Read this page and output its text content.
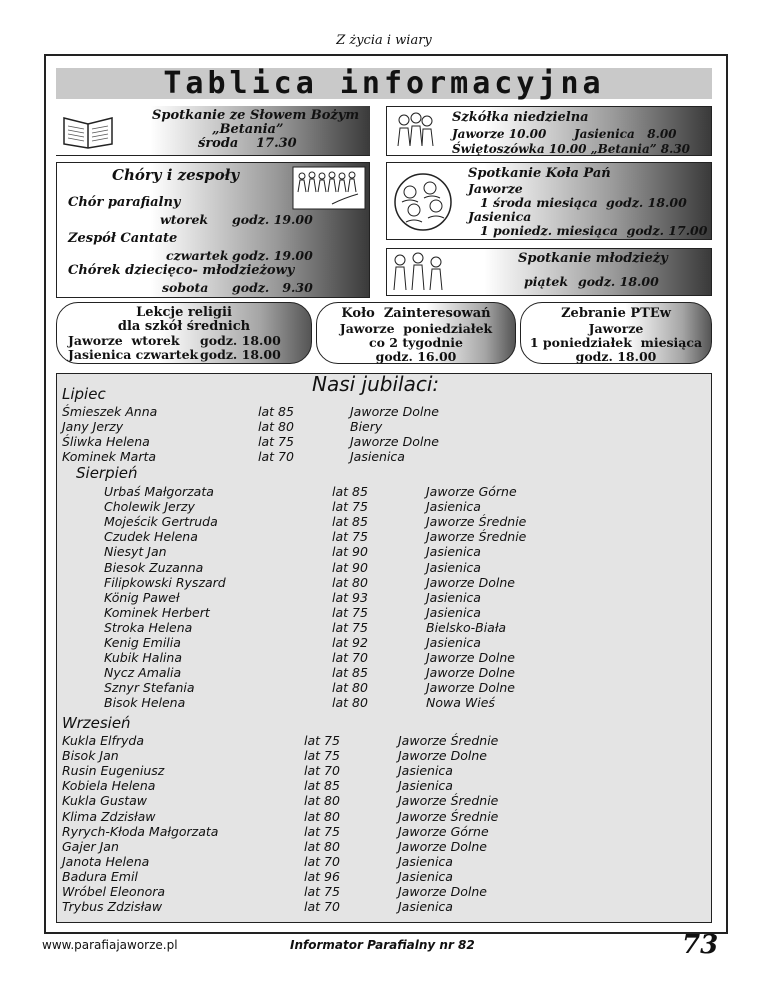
Z życia i wiary
Tablica informacyjna
Spotkanie ze Słowem Bożym
„Betania”
środa 17.30
Szkółka niedzielna
Jaworze 10.00 Jasienica   8.00
Świętoszówka 10.00 „Betania” 8.30
Chóry i zespoły
Chór parafialny
wtorek godz. 19.00
Zespół Cantate
czwartek godz. 19.00
Chórek dziecięco- młodzieżowy
sobota godz.   9.30
Spotkanie Koła Pań
Jaworze
1 środa miesiąca godz. 18.00
Jasienica
1 poniedz. miesiąca  godz. 17.00
Spotkanie młodzieży
piątek godz. 18.00
Lekcje religii
dla szkół średnich
Jaworze  wtorek godz. 18.00
Jasienica czwartek godz. 18.00
Koło  Zainteresowań
Jaworze  poniedziałek
co 2 tygodnie
godz. 16.00
Zebranie PTEw
Jaworze
1 poniedziałek  miesiąca
godz. 18.00
Nasi jubilaci:
Lipiec
Śmieszek Anna	lat 85	Jaworze Dolne
Jany Jerzy	lat 80	Biery
Śliwka Helena	lat 75	Jaworze Dolne
Kominek Marta	lat 70	Jasienica
Sierpień
Urbaś Małgorzata	lat 85	Jaworze Górne
Cholewik Jerzy	lat 75	Jasienica
Mojeścik Gertruda	lat 85	Jaworze Średnie
Czudek Helena	lat 75	Jaworze Średnie
Niesyt Jan	lat 90	Jasienica
Biesok Zuzanna	lat 90	Jasienica
Filipkowski Ryszard	lat 80	Jaworze Dolne
König Paweł	lat 93	Jasienica
Kominek Herbert	lat 75	Jasienica
Stroka Helena	lat 75	Bielsko-Biała
Kenig Emilia	lat 92	Jasienica
Kubik Halina	lat 70	Jaworze Dolne
Nycz Amalia	lat 85	Jaworze Dolne
Sznyr Stefania	lat 80	Jaworze Dolne
Bisok Helena	lat 80	Nowa Wieś
Wrzesień
Kukla Elfryda	lat 75	Jaworze Średnie
Bisok Jan	lat 75	Jaworze Dolne
Rusin Eugeniusz	lat 70	Jasienica
Kobiela Helena	lat 85	Jasienica
Kukla Gustaw	lat 80	Jaworze Średnie
Klima Zdzisław	lat 80	Jaworze Średnie
Ryrych-Kłoda Małgorzata	lat 75	Jaworze Górne
Gajer Jan	lat 80	Jaworze Dolne
Janota Helena	lat 70	Jasienica
Badura Emil	lat 96	Jasienica
Wróbel Eleonora	lat 75	Jaworze Dolne
Trybus Zdzisław	lat 70	Jasienica
www.parafiajaworze.pl	Informator Parafialny nr 82	73
